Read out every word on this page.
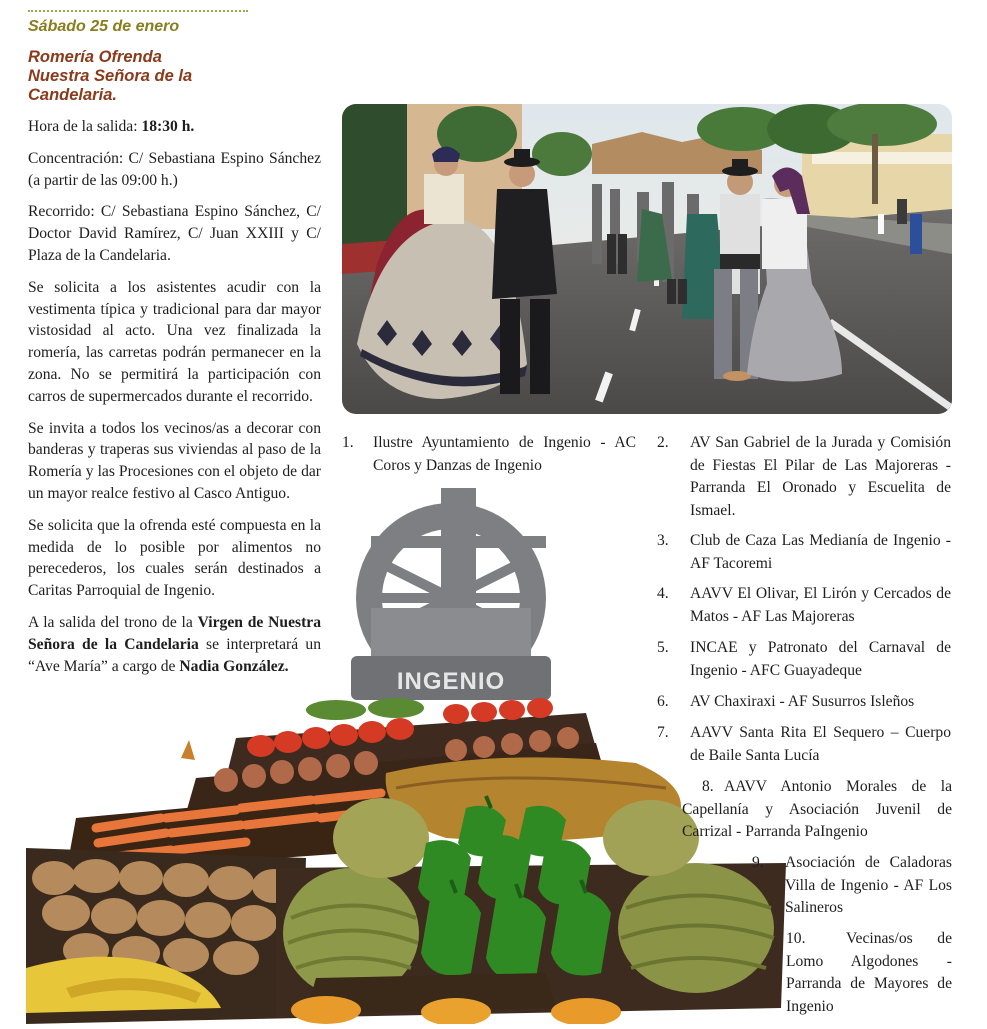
Sábado 25 de enero
Romería Ofrenda
Nuestra Señora de la
Candelaria.

Hora de la salida: 18:30 h.

Concentración: C/ Sebastiana Espino Sánchez (a partir de las 09:00 h.)

Recorrido: C/ Sebastiana Espino Sánchez, C/ Doctor David Ramírez, C/ Juan XXIII y C/ Plaza de la Candelaria.

Se solicita a los asistentes acudir con la vestimenta típica y tradicional para dar mayor vistosidad al acto. Una vez finalizada la romería, las carretas podrán permanecer en la zona. No se permitirá la participación con carros de supermercados durante el recorrido.

Se invita a todos los vecinos/as a decorar con banderas y traperas sus viviendas al paso de la Romería y las Procesiones con el objeto de dar un mayor realce festivo al Casco Antiguo.

Se solicita que la ofrenda esté compuesta en la medida de lo posible por alimentos no perecederos, los cuales serán destinados a Caritas Parroquial de Ingenio.

A la salida del trono de la Virgen de Nuestra Señora de la Candelaria se interpretará un “Ave María” a cargo de Nadia González.

INGENIO
1.	Ilustre Ayuntamiento de Ingenio - AC Coros y Danzas de Ingenio
2.	AV San Gabriel de la Jurada y Comisión de Fiestas El Pilar de Las Majoreras - Parranda El Oronado y Escuelita de Ismael.
3.	Club de Caza Las Medianía de Ingenio - AF Tacoremi
4.	AAVV El Olivar, El Lirón y Cercados de Matos - AF Las Majoreras
5.	INCAE y Patronato del Carnaval de Ingenio - AFC Guayadeque
6.	AV Chaxiraxi - AF Susurros Isleños
7.	AAVV Santa Rita El Sequero – Cuerpo de Baile Santa Lucía
8. AAVV Antonio Morales de la Capellanía y Asociación Juvenil de Carrizal - Parranda PaIngenio
9.	Asociación de Caladoras Villa de Ingenio - AF Los Salineros
10.	Vecinas/os de Lomo Algodones - Parranda de Mayores de Ingenio
